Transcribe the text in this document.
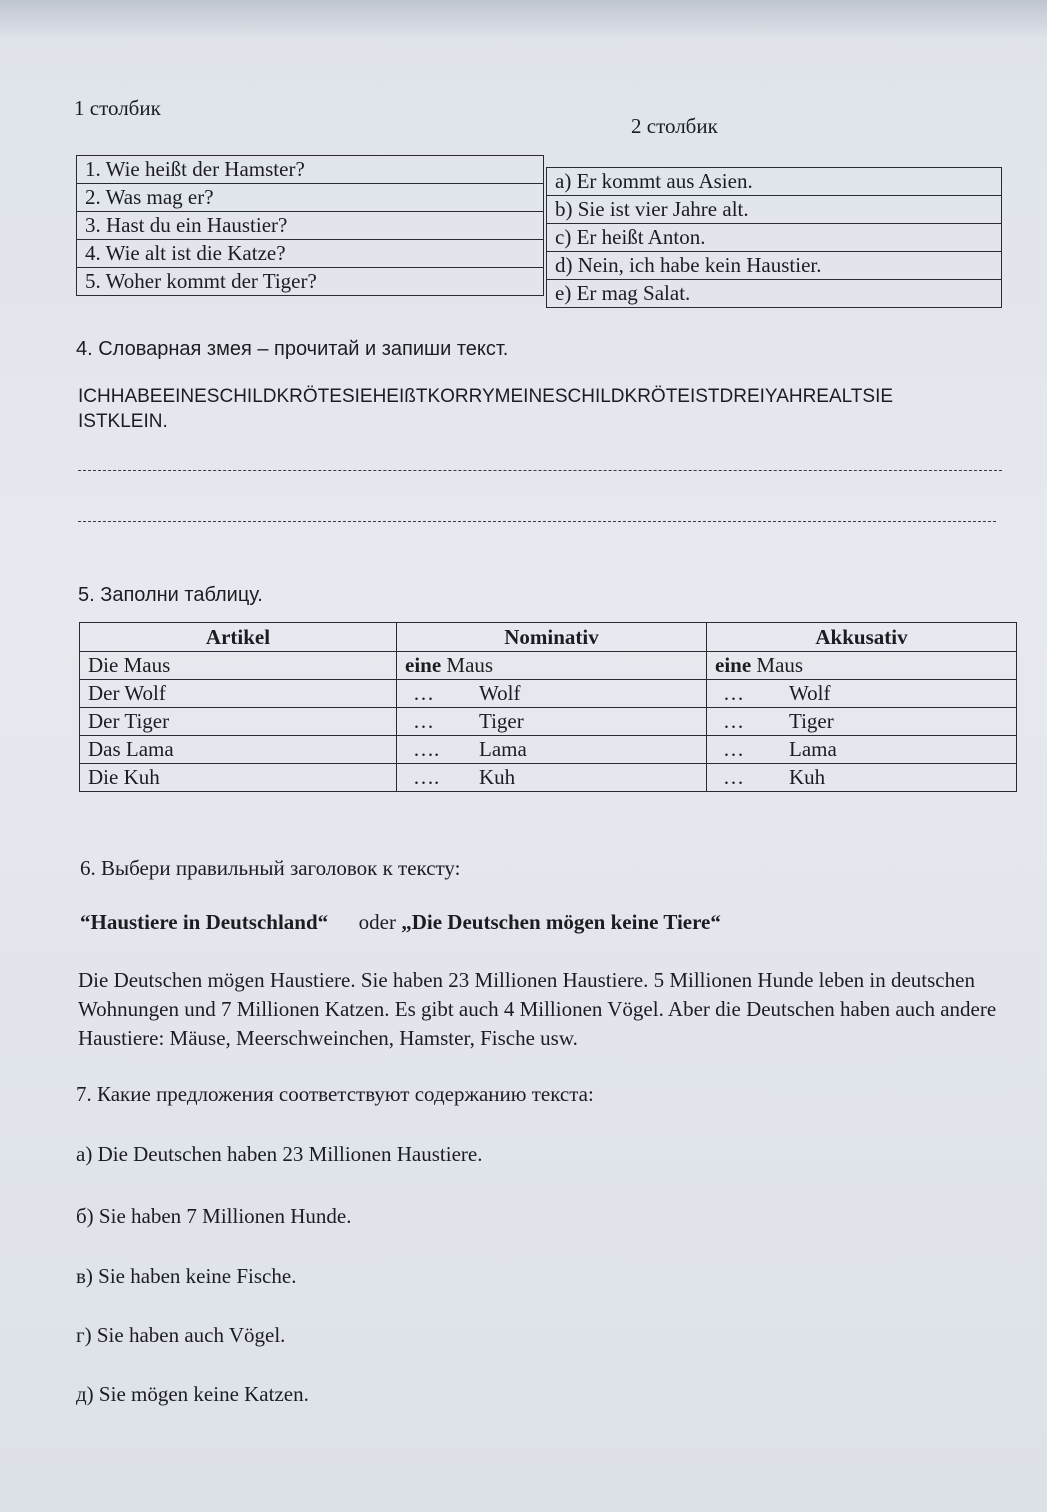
1 столбик
2 столбик
1. Wie heißt der Hamster?
2. Was mag er?
3. Hast du ein Haustier?
4. Wie alt ist die Katze?
5. Woher kommt der Tiger?
a) Er kommt aus Asien.
b) Sie ist vier Jahre alt.
c) Er heißt Anton.
d) Nein, ich habe kein Haustier.
e) Er mag Salat.
4. Словарная змея – прочитай и запиши текст.
ICHHABEEINESCHILDKRÖTESIEHEIßTKORRYMEINESCHILDKRÖTEISTDREIYAHREALTSIE
ISTKLEIN.
5. Заполни таблицу.
Artikel	Nominativ	Akkusativ
Die Maus	eine Maus	eine Maus
Der Wolf	… Wolf	… Wolf
Der Tiger	… Tiger	… Tiger
Das Lama	…. Lama	… Lama
Die Kuh	…. Kuh	… Kuh
6. Выбери правильный заголовок к тексту:
“Haustiere in Deutschland“ oder „Die Deutschen mögen keine Tiere“
Die Deutschen mögen Haustiere. Sie haben 23 Millionen Haustiere. 5 Millionen Hunde leben in deutschen Wohnungen und 7 Millionen Katzen. Es gibt auch 4 Millionen Vögel. Aber die Deutschen haben auch andere Haustiere: Mäuse, Meerschweinchen, Hamster, Fische usw.
7. Какие предложения соответствуют содержанию текста:
а) Die Deutschen haben 23 Millionen Haustiere.
б) Sie haben 7 Millionen Hunde.
в) Sie haben keine Fische.
г) Sie haben auch Vögel.
д) Sie mögen keine Katzen.
